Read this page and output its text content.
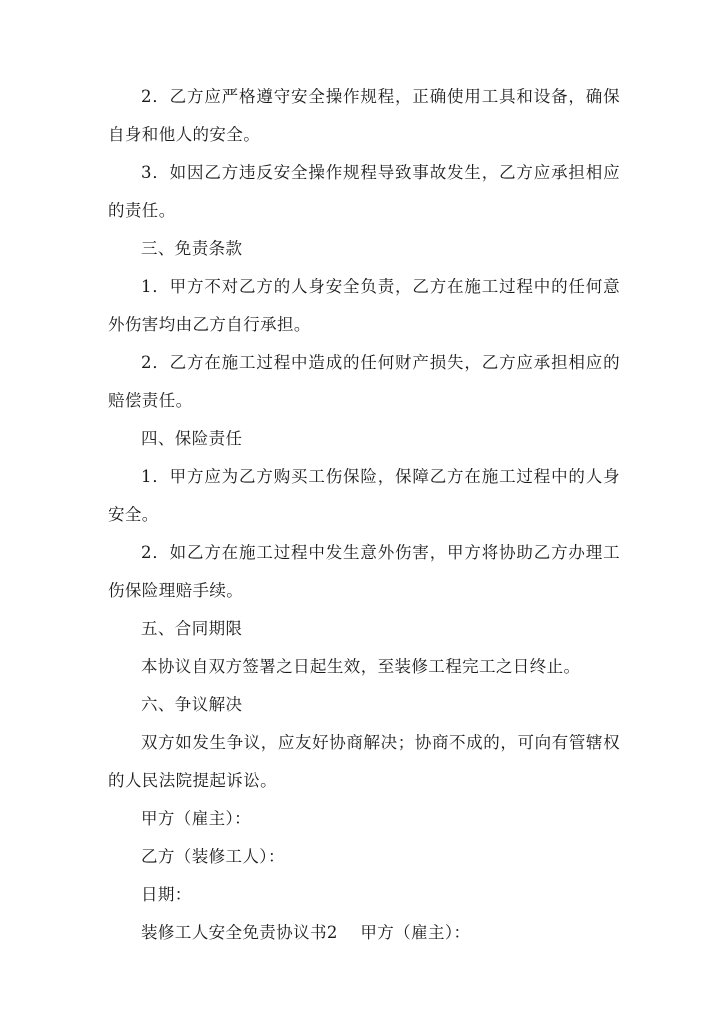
2．乙方应严格遵守安全操作规程，正确使用工具和设备，确保自身和他人的安全。

3．如因乙方违反安全操作规程导致事故发生，乙方应承担相应的责任。

三、免责条款

1．甲方不对乙方的人身安全负责，乙方在施工过程中的任何意外伤害均由乙方自行承担。

2．乙方在施工过程中造成的任何财产损失，乙方应承担相应的赔偿责任。

四、保险责任

1．甲方应为乙方购买工伤保险，保障乙方在施工过程中的人身安全。

2．如乙方在施工过程中发生意外伤害，甲方将协助乙方办理工伤保险理赔手续。

五、合同期限

本协议自双方签署之日起生效，至装修工程完工之日终止。

六、争议解决

双方如发生争议，应友好协商解决；协商不成的，可向有管辖权的人民法院提起诉讼。

甲方（雇主）：

乙方（装修工人）：

日期：

装修工人安全免责协议书2    甲方（雇主）：
